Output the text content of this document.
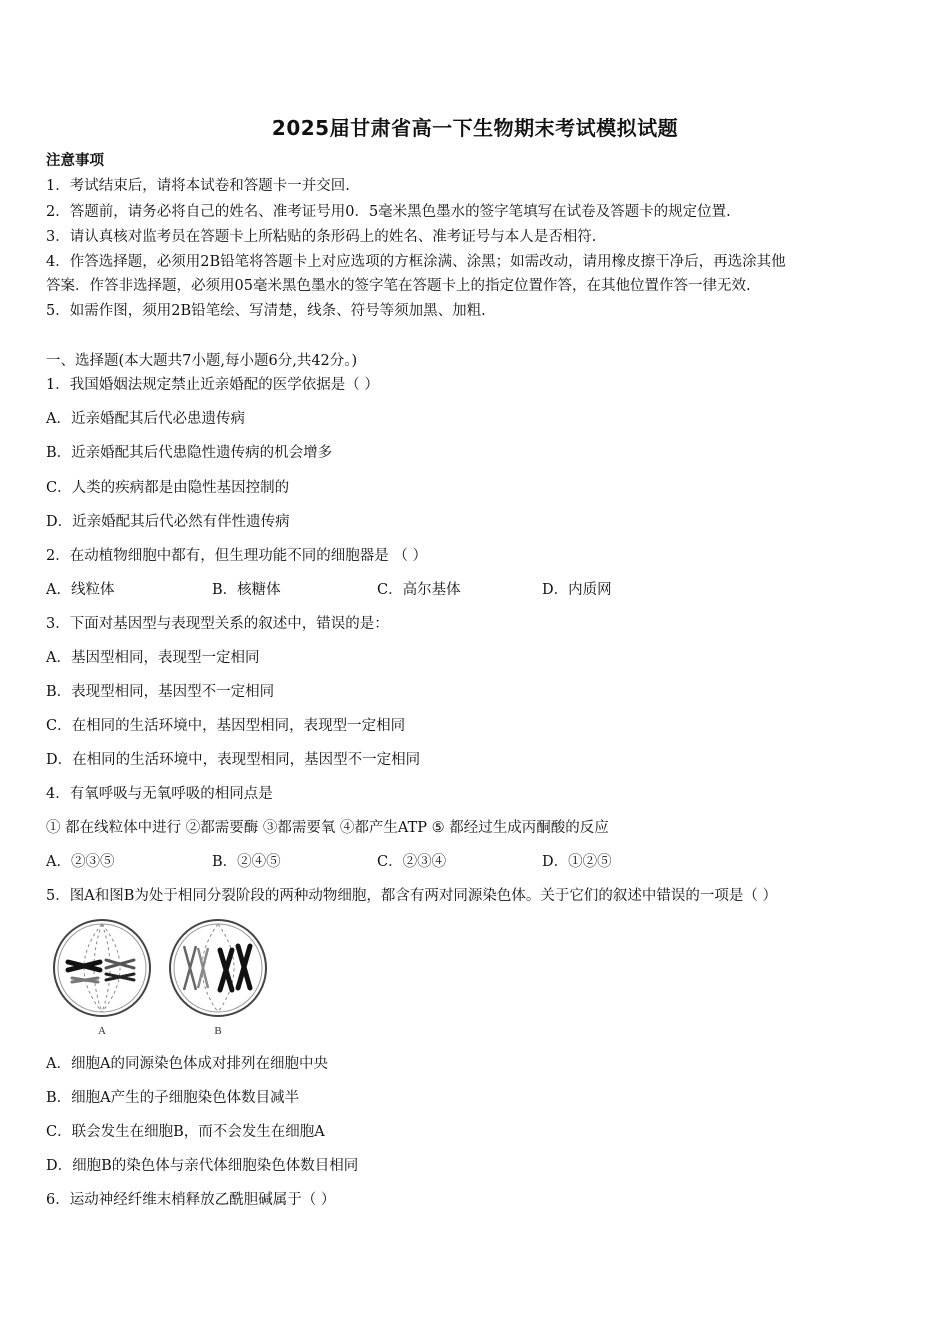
2025届甘肃省高一下生物期末考试模拟试题
注意事项
1．考试结束后，请将本试卷和答题卡一并交回.
2．答题前，请务必将自己的姓名、准考证号用0．5毫米黑色墨水的签字笔填写在试卷及答题卡的规定位置.
3．请认真核对监考员在答题卡上所粘贴的条形码上的姓名、准考证号与本人是否相符.
4．作答选择题，必须用2B铅笔将答题卡上对应选项的方框涂满、涂黑；如需改动，请用橡皮擦干净后，再选涂其他
答案．作答非选择题，必须用05毫米黑色墨水的签字笔在答题卡上的指定位置作答，在其他位置作答一律无效.
5．如需作图，须用2B铅笔绘、写清楚，线条、符号等须加黑、加粗.
一、选择题(本大题共7小题,每小题6分,共42分。)
1．我国婚姻法规定禁止近亲婚配的医学依据是（ ）
A．近亲婚配其后代必患遗传病
B．近亲婚配其后代患隐性遗传病的机会增多
C．人类的疾病都是由隐性基因控制的
D．近亲婚配其后代必然有伴性遗传病
2．在动植物细胞中都有，但生理功能不同的细胞器是 （ ）
A．线粒体	B．核糖体	C．高尔基体	D．内质网
3．下面对基因型与表现型关系的叙述中，错误的是：
A．基因型相同，表现型一定相同
B．表现型相同，基因型不一定相同
C．在相同的生活环境中，基因型相同，表现型一定相同
D．在相同的生活环境中，表现型相同，基因型不一定相同
4．有氧呼吸与无氧呼吸的相同点是
① 都在线粒体中进行 ②都需要酶 ③都需要氧 ④都产生ATP ⑤ 都经过生成丙酮酸的反应
A．②③⑤	B．②④⑤	C．②③④	D．①②⑤
5．图A和图B为处于相同分裂阶段的两种动物细胞，都含有两对同源染色体。关于它们的叙述中错误的一项是（ ）
A	B
A．细胞A的同源染色体成对排列在细胞中央
B．细胞A产生的子细胞染色体数目减半
C．联会发生在细胞B，而不会发生在细胞A
D．细胞B的染色体与亲代体细胞染色体数目相同
6．运动神经纤维末梢释放乙酰胆碱属于（ ）
